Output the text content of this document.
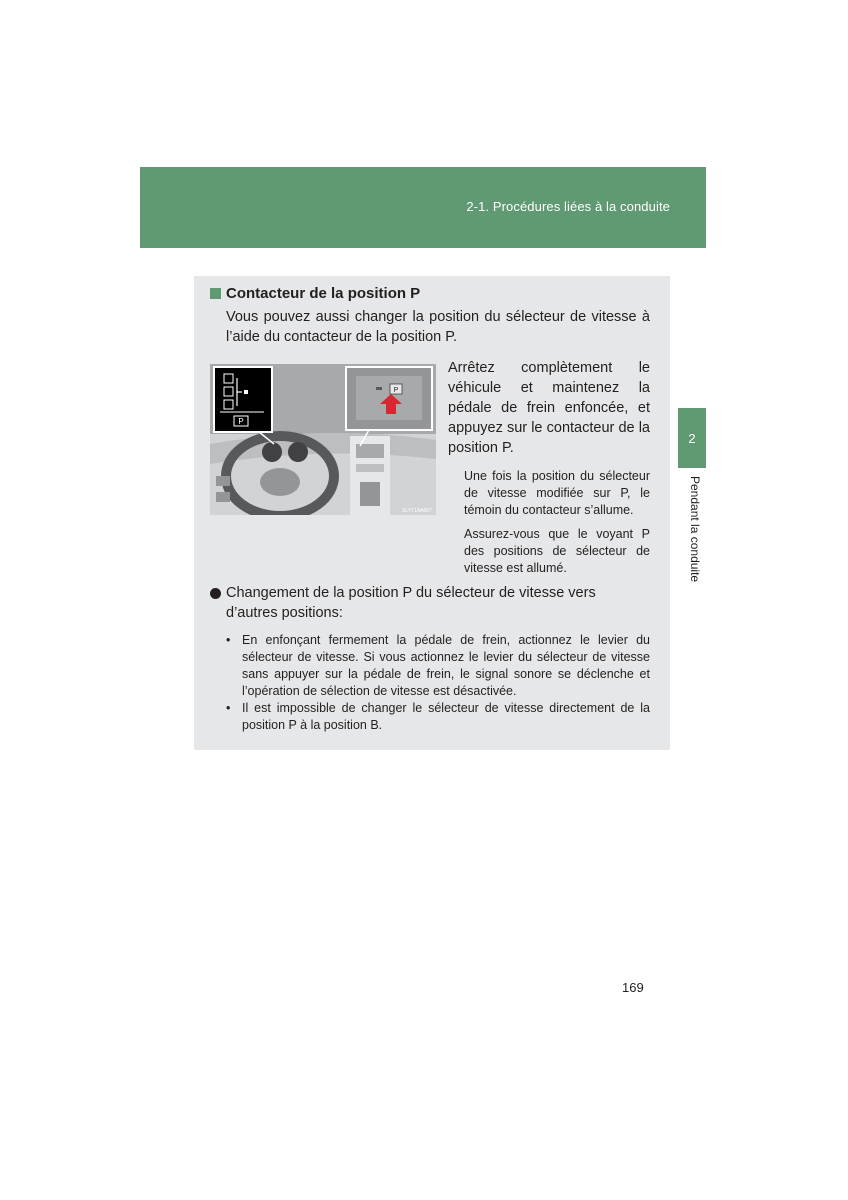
2-1. Procédures liées à la conduite
2
Pendant la conduite
Contacteur de la position P
Vous pouvez aussi changer la position du sélecteur de vitesse à l’aide du contacteur de la position P.
P
P
SLYT1AA007
Arrêtez complètement le véhicule et maintenez la pédale de frein enfoncée, et appuyez sur le contacteur de la position P.
Une fois la position du sélecteur de vitesse modifiée sur P, le témoin du contacteur s’allume.
Assurez-vous que le voyant P des positions de sélecteur de vitesse est allumé.
Changement de la position P du sélecteur de vitesse vers d’autres positions:
• En enfonçant fermement la pédale de frein, actionnez le levier du sélecteur de vitesse. Si vous actionnez le levier du sélecteur de vitesse sans appuyer sur la pédale de frein, le signal sonore se déclenche et l’opération de sélection de vitesse est désactivée.
• Il est impossible de changer le sélecteur de vitesse directement de la position P à la position B.
169
